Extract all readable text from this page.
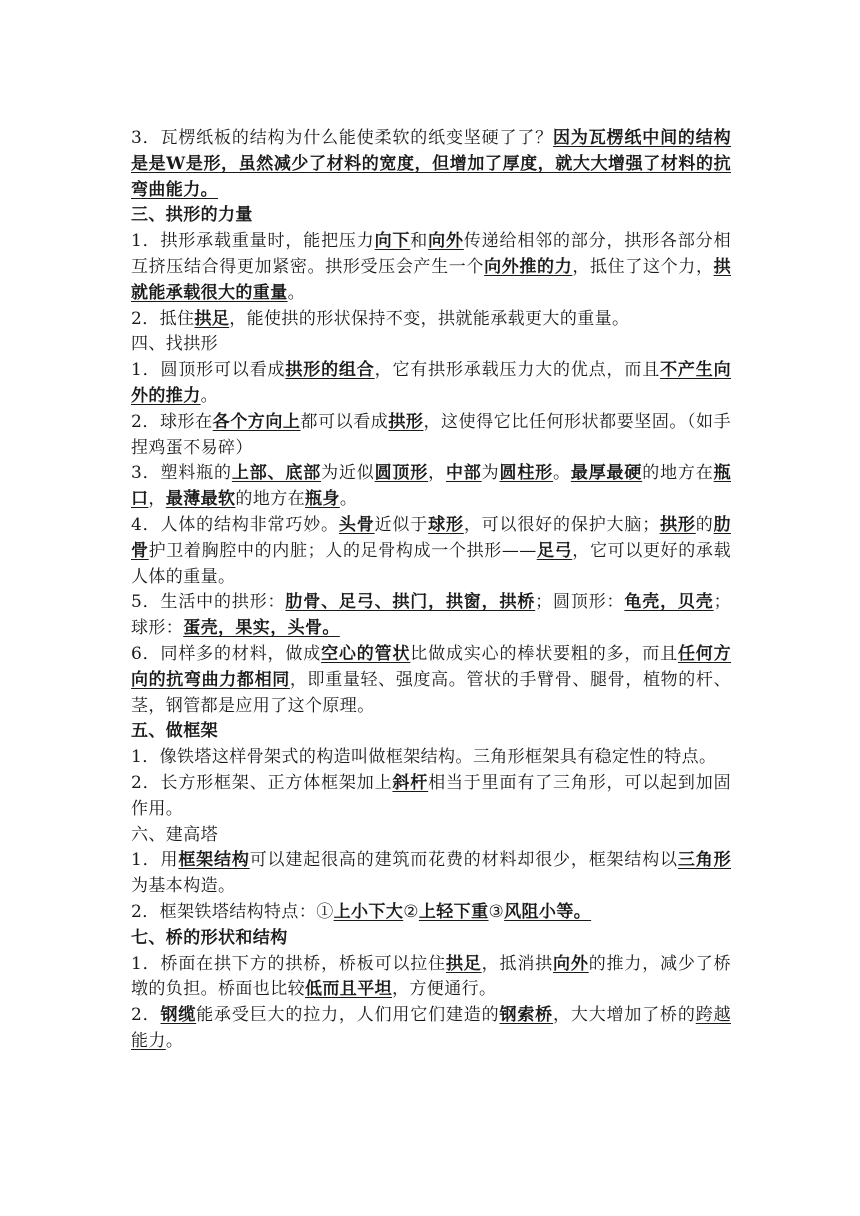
3．瓦楞纸板的结构为什么能使柔软的纸变坚硬了了？因为瓦楞纸中间的结构是是W是形，虽然减少了材料的宽度，但增加了厚度，就大大增强了材料的抗弯曲能力。

三、拱形的力量

1．拱形承载重量时，能把压力向下和向外传递给相邻的部分，拱形各部分相互挤压结合得更加紧密。拱形受压会产生一个向外推的力，抵住了这个力，拱就能承载很大的重量。

2．抵住拱足，能使拱的形状保持不变，拱就能承载更大的重量。

四、找拱形

1．圆顶形可以看成拱形的组合，它有拱形承载压力大的优点，而且不产生向外的推力。

2．球形在各个方向上都可以看成拱形，这使得它比任何形状都要坚固。（如手捏鸡蛋不易碎）

3．塑料瓶的上部、底部为近似圆顶形，中部为圆柱形。最厚最硬的地方在瓶口，最薄最软的地方在瓶身。

4．人体的结构非常巧妙。头骨近似于球形，可以很好的保护大脑；拱形的肋骨护卫着胸腔中的内脏；人的足骨构成一个拱形——足弓，它可以更好的承载人体的重量。

5．生活中的拱形：肋骨、足弓、拱门，拱窗，拱桥；圆顶形：龟壳，贝壳；球形：蛋壳，果实，头骨。

6．同样多的材料，做成空心的管状比做成实心的棒状要粗的多，而且任何方向的抗弯曲力都相同，即重量轻、强度高。管状的手臂骨、腿骨，植物的杆、茎，钢管都是应用了这个原理。

五、做框架

1．像铁塔这样骨架式的构造叫做框架结构。三角形框架具有稳定性的特点。

2．长方形框架、正方体框架加上斜杆相当于里面有了三角形，可以起到加固作用。

六、建高塔

1．用框架结构可以建起很高的建筑而花费的材料却很少，框架结构以三角形为基本构造。

2．框架铁塔结构特点：①上小下大②上轻下重③风阻小等。

七、桥的形状和结构

1．桥面在拱下方的拱桥，桥板可以拉住拱足，抵消拱向外的推力，减少了桥墩的负担。桥面也比较低而且平坦，方便通行。

2．钢缆能承受巨大的拉力，人们用它们建造的钢索桥，大大增加了桥的跨越能力。
